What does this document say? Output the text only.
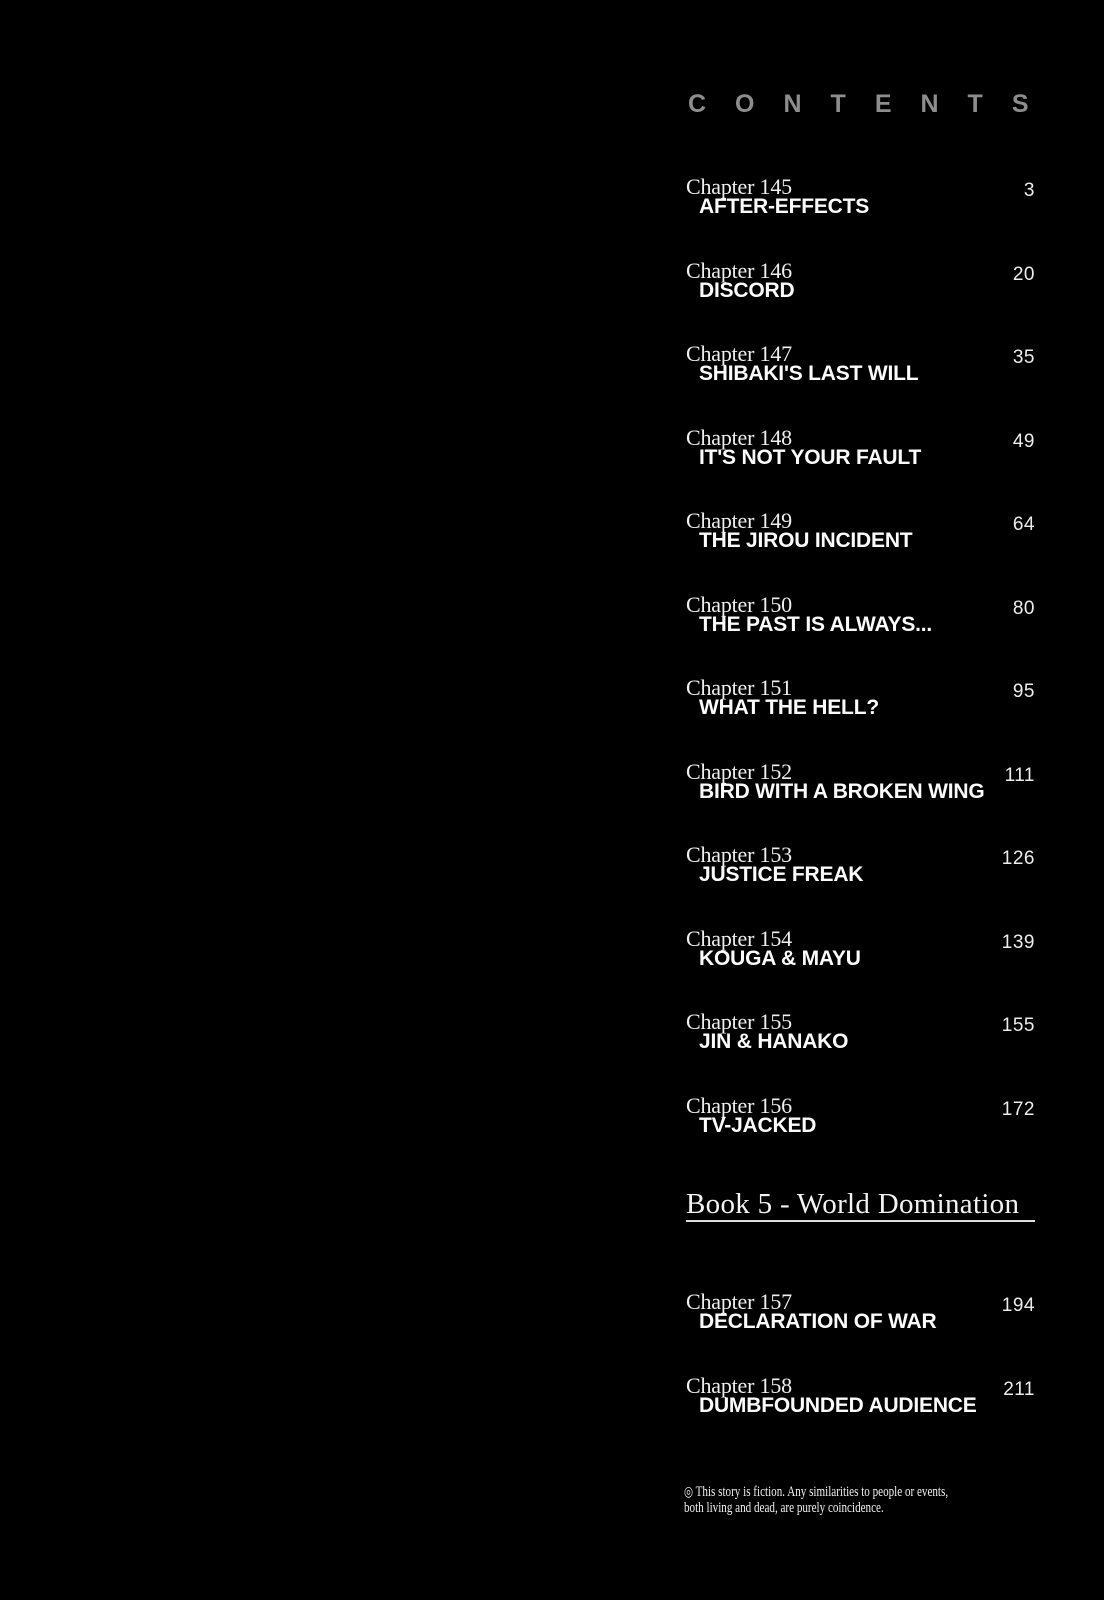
CONTENTS
Chapter 145
AFTER-EFFECTS
3
Chapter 146
DISCORD
20
Chapter 147
SHIBAKI'S LAST WILL
35
Chapter 148
IT'S NOT YOUR FAULT
49
Chapter 149
THE JIROU INCIDENT
64
Chapter 150
THE PAST IS ALWAYS...
80
Chapter 151
WHAT THE HELL?
95
Chapter 152
BIRD WITH A BROKEN WING
111
Chapter 153
JUSTICE FREAK
126
Chapter 154
KOUGA & MAYU
139
Chapter 155
JIN & HANAKO
155
Chapter 156
TV-JACKED
172
Book 5 - World Domination
Chapter 157
DECLARATION OF WAR
194
Chapter 158
DUMBFOUNDED AUDIENCE
211

◎ This story is fiction. Any similarities to people or events, both living and dead, are purely coincidence.
